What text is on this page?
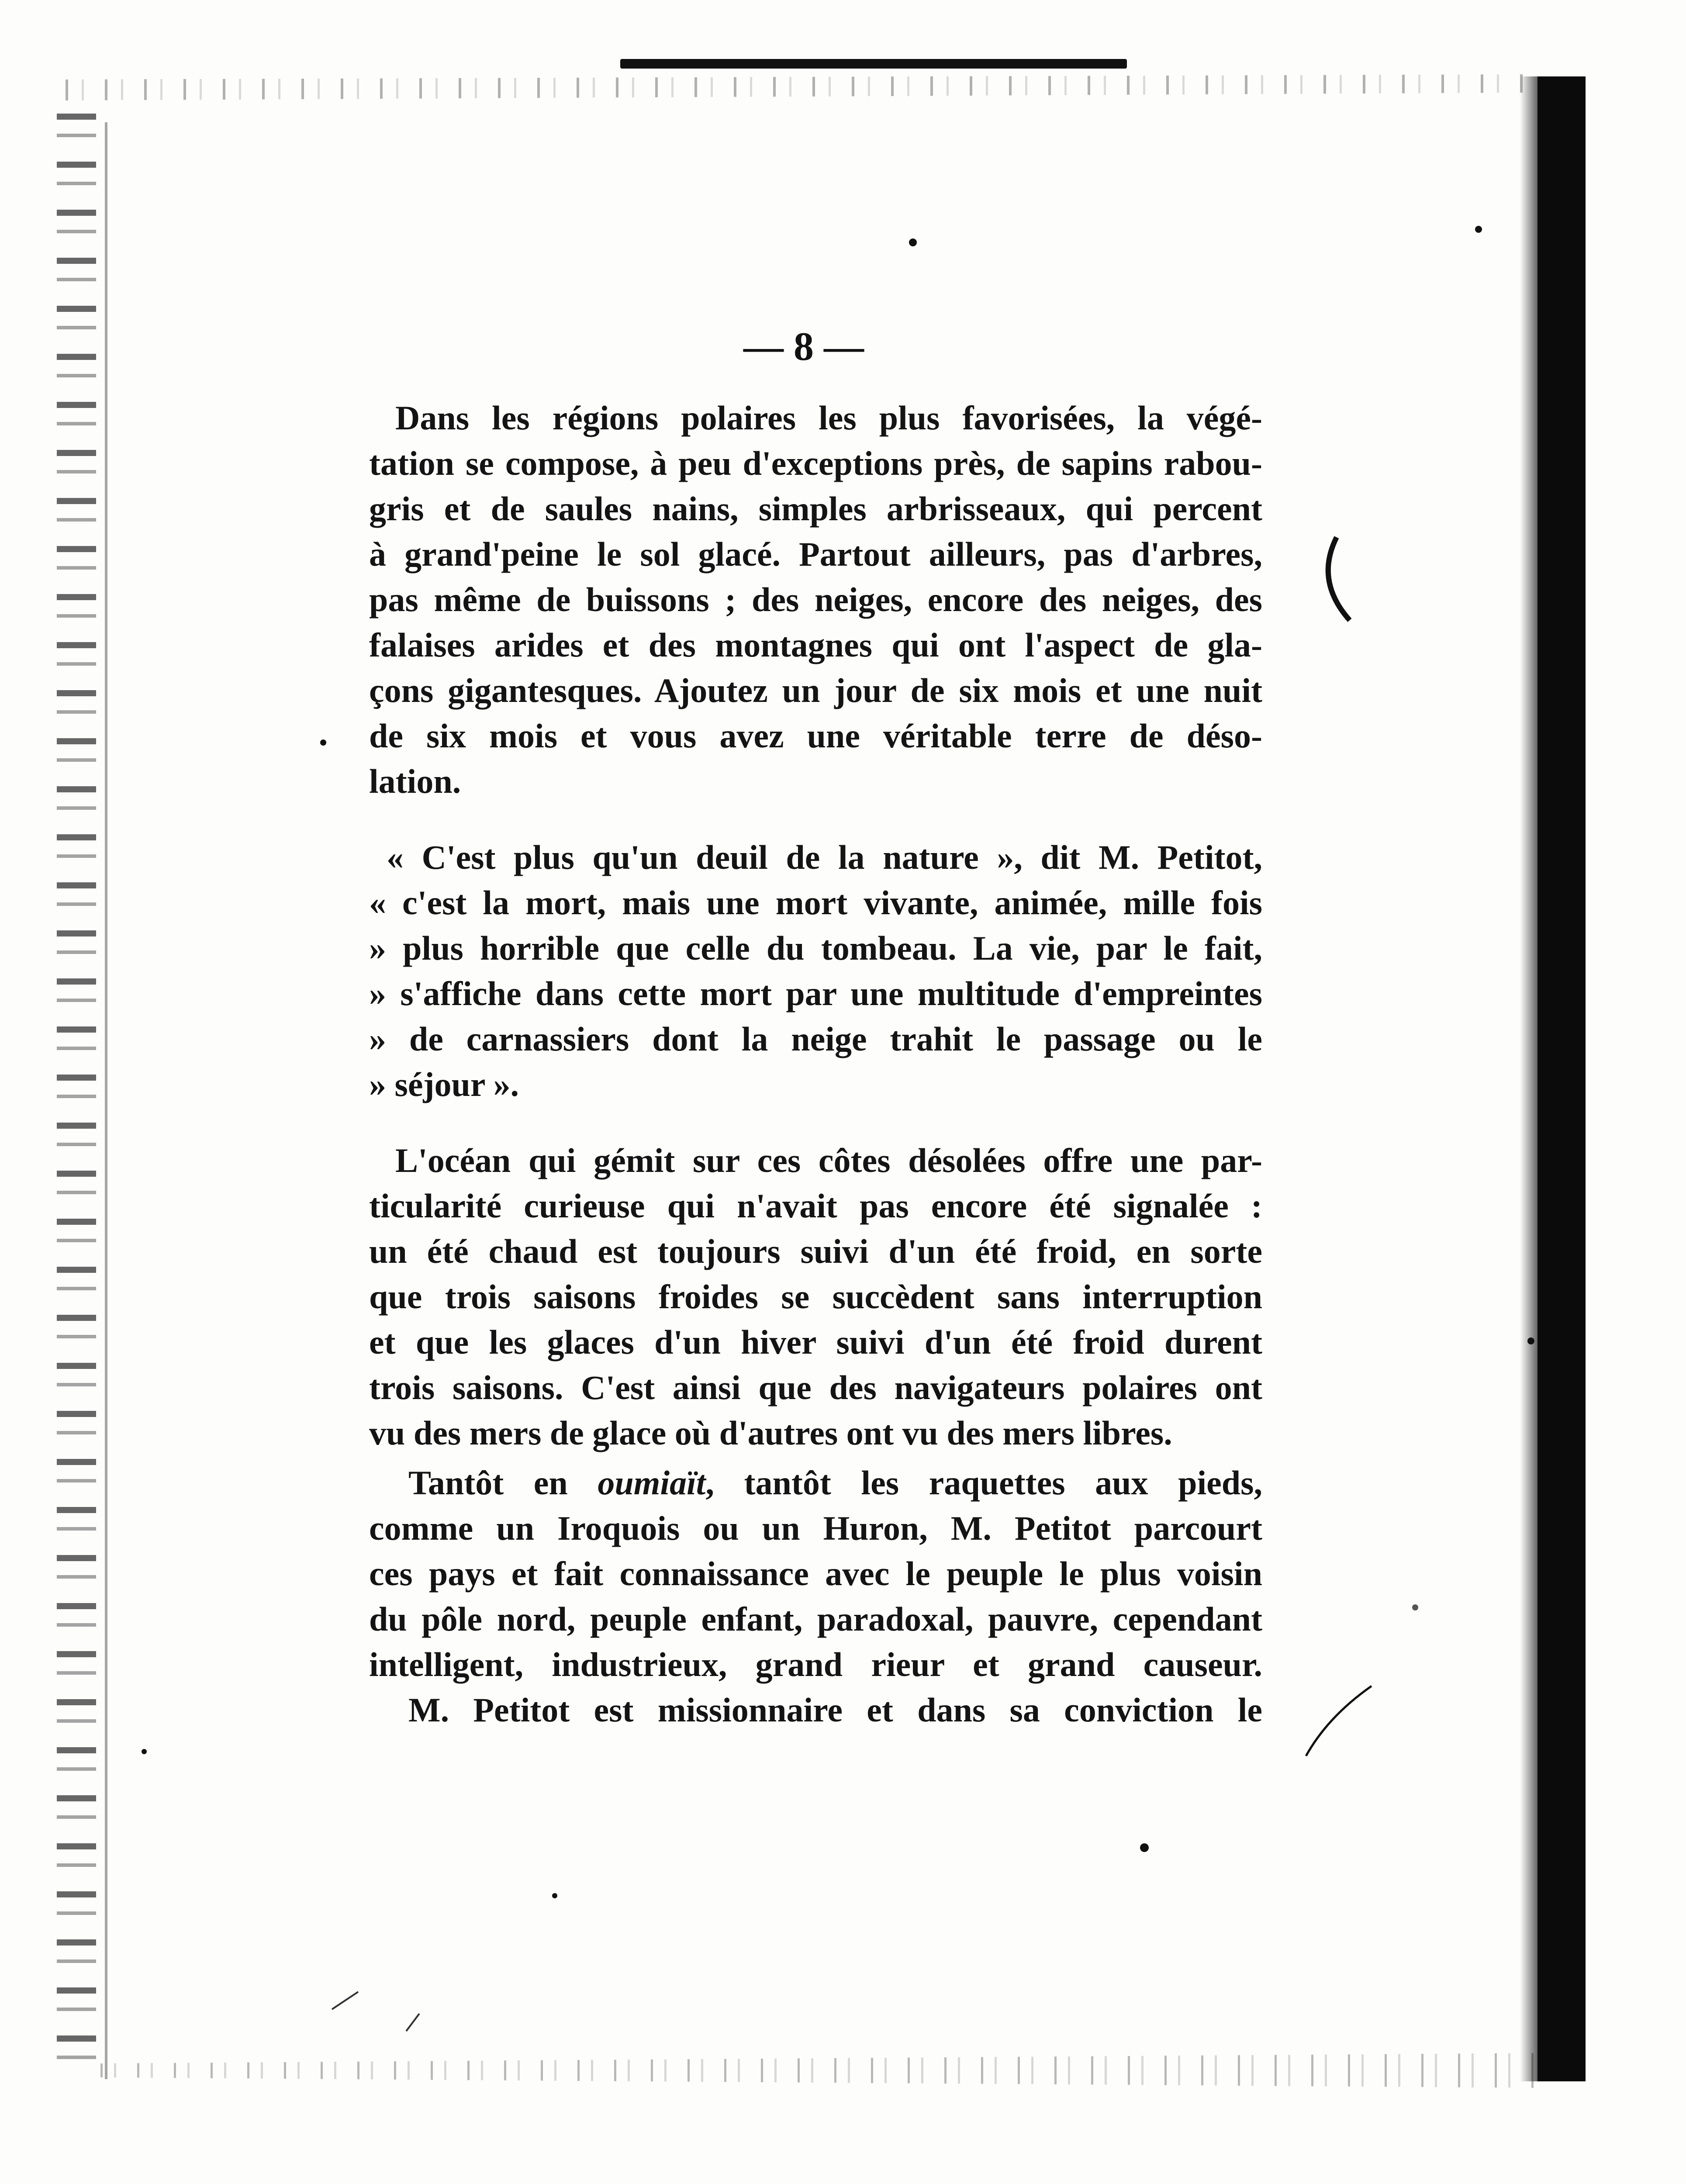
— 8 —
Dans les régions polaires les plus favorisées, la végé-
tation se compose, à peu d'exceptions près, de sapins rabou-
gris et de saules nains, simples arbrisseaux, qui percent
à grand'peine le sol glacé. Partout ailleurs, pas d'arbres,
pas même de buissons ; des neiges, encore des neiges, des
falaises arides et des montagnes qui ont l'aspect de gla-
çons gigantesques. Ajoutez un jour de six mois et une nuit
de six mois et vous avez une véritable terre de déso-
lation.
« C'est plus qu'un deuil de la nature », dit M. Petitot,
« c'est la mort, mais une mort vivante, animée, mille fois
» plus horrible que celle du tombeau. La vie, par le fait,
» s'affiche dans cette mort par une multitude d'empreintes
» de carnassiers dont la neige trahit le passage ou le
» séjour ».
L'océan qui gémit sur ces côtes désolées offre une par-
ticularité curieuse qui n'avait pas encore été signalée :
un été chaud est toujours suivi d'un été froid, en sorte
que trois saisons froides se succèdent sans interruption
et que les glaces d'un hiver suivi d'un été froid durent
trois saisons. C'est ainsi que des navigateurs polaires ont
vu des mers de glace où d'autres ont vu des mers libres.
Tantôt en oumiaït, tantôt les raquettes aux pieds,
comme un Iroquois ou un Huron, M. Petitot parcourt
ces pays et fait connaissance avec le peuple le plus voisin
du pôle nord, peuple enfant, paradoxal, pauvre, cependant
intelligent, industrieux, grand rieur et grand causeur.
M. Petitot est missionnaire et dans sa conviction le
